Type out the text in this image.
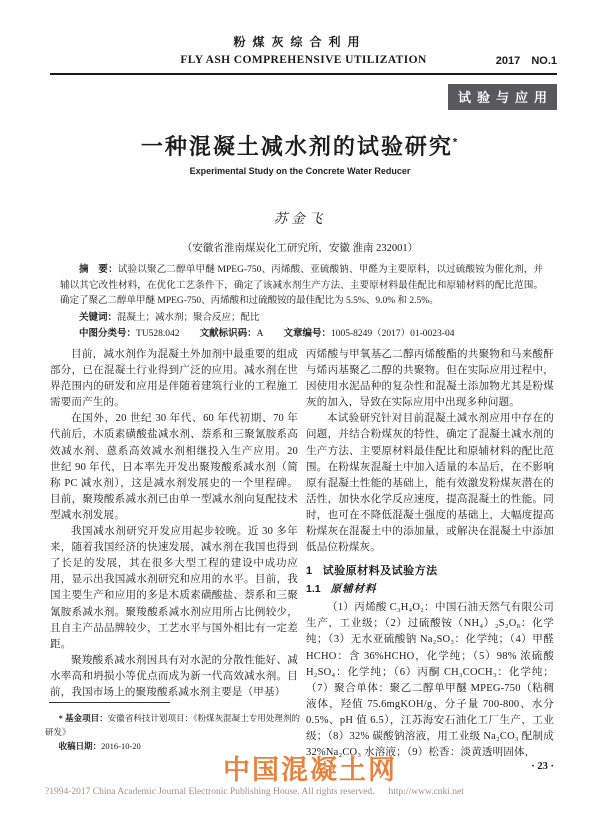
粉煤灰综合利用
FLY ASH COMPREHENSIVE UTILIZATION	2017 NO.1
试验与应用
一种混凝土减水剂的试验研究*
Experimental Study on the Concrete Water Reducer
苏金飞
（安徽省淮南煤炭化工研究所，安徽 淮南 232001）

摘　要：试验以聚乙二醇单甲醚 MPEG-750、丙烯酸、亚硫酸钠、甲醛为主要原料，以过硫酸铵为催化剂，并辅以其它改性材料，在优化工艺条件下，确定了该减水剂生产方法、主要原材料最佳配比和原辅材料的配比范围。确定了聚乙二醇单甲醚 MPEG-750、丙烯酸和过硫酸铵的最佳配比为 5.5%、9.0% 和 2.5%。

关键词：混凝土；减水剂；聚合反应；配比

中图分类号：TU528.042 文献标识码：A 文章编号：1005-8249（2017）01-0023-04

目前，减水剂作为混凝土外加剂中最重要的组成部分，已在混凝土行业得到广泛的应用。减水剂在世界范围内的研发和应用是伴随着建筑行业的工程施工需要而产生的。

在国外，20 世纪 30 年代、60 年代初期、70 年代前后，木质素磺酸盐减水剂、萘系和三聚氰胺系高效减水剂、蒽系高效减水剂相继投入生产应用。20 世纪 90 年代，日本率先开发出聚羧酸系减水剂（简称 PC 减水剂），这是减水剂发展史的一个里程碑。目前，聚羧酸系减水剂已由单一型减水剂向复配技术型减水剂发展。

我国减水剂研究开发应用起步较晚。近 30 多年来，随着我国经济的快速发展，减水剂在我国也得到了长足的发展，其在很多大型工程的建设中成功应用，显示出我国减水剂研究和应用的水平。目前，我国主要生产和应用的多是木质素磺酸盐、萘系和三聚氰胺系减水剂。聚羧酸系减水剂应用所占比例较少，且自主产品品牌较少，工艺水平与国外相比有一定差距。

聚羧酸系减水剂因具有对水泥的分散性能好、减水率高和坍损小等优点而成为新一代高效减水剂。目前，我国市场上的聚羧酸系减水剂主要是（甲基）

丙烯酸与甲氧基乙二醇丙烯酸酯的共聚物和马来酸酐与烯丙基聚乙二醇的共聚物。但在实际应用过程中，因使用水泥品种的复杂性和混凝土添加物尤其是粉煤灰的加入，导致在实际应用中出现多种问题。

本试验研究针对目前混凝土减水剂应用中存在的问题，并结合粉煤灰的特性，确定了混凝土减水剂的生产方法、主要原材料最佳配比和原辅材料的配比范围。在粉煤灰混凝土中加入适量的本品后，在不影响原有混凝土性能的基础上，能有效激发粉煤灰潜在的活性，加快水化学反应速度，提高混凝土的性能。同时，也可在不降低混凝土强度的基础上，大幅度提高粉煤灰在混凝土中的添加量，或解决在混凝土中添加低品位粉煤灰。

1 试验原材料及试验方法
1.1 原辅材料

（1）丙烯酸 C₃H₄O₂：中国石油天然气有限公司生产，工业级；（2）过硫酸铵（NH₄）₂S₂O₈：化学纯；（3）无水亚硫酸钠 Na₂SO₃：化学纯；（4）甲醛 HCHO：含 36%HCHO，化学纯；（5）98% 浓硫酸 H₂SO₄：化学纯；（6）丙酮 CH₃COCH₃：化学纯；（7）聚合单体：聚乙二醇单甲醚 MPEG-750（粘稠液体，羟值 75.6mgKOH/g、分子量 700-800、水分 0.5%、pH 值 6.5），江苏海安石油化工厂生产，工业级；（8）32% 碳酸钠溶液，用工业级 Na₂CO₃ 配制成 32%Na₂CO₃ 水溶液；（9）松香：淡黄透明固体，

* 基金项目：安徽省科技计划项目：《粉煤灰混凝土专用处理剂的研发》

收稿日期：2016-10-20

中国混凝土网	· 23 ·
?1994-2017 China Academic Journal Electronic Publishing House. All rights reserved. http://www.cnki.net
